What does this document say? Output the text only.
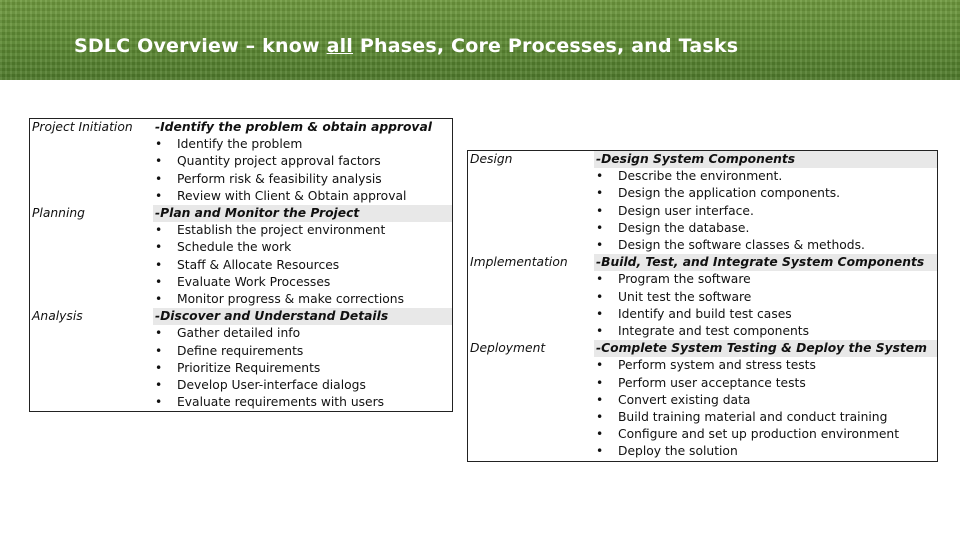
SDLC Overview – know all Phases, Core Processes, and Tasks
Project Initiation	-Identify the problem & obtain approval
	• Identify the problem
	• Quantity project approval factors
	• Perform risk & feasibility analysis
	• Review with Client & Obtain approval
Planning	-Plan and Monitor the Project
	• Establish the project environment
	• Schedule the work
	• Staff & Allocate Resources
	• Evaluate Work Processes
	• Monitor progress & make corrections
Analysis	-Discover and Understand Details
	• Gather detailed info
	• Define requirements
	• Prioritize Requirements
	• Develop User-interface dialogs
	• Evaluate requirements with users
Design	-Design System Components
	• Describe the environment.
	• Design the application components.
	• Design user interface.
	• Design the database.
	• Design the software classes & methods.
Implementation	-Build, Test, and Integrate System Components
	• Program the software
	• Unit test the software
	• Identify and build test cases
	• Integrate and test components
Deployment	-Complete System Testing & Deploy the System
	• Perform system and stress tests
	• Perform user acceptance tests
	• Convert existing data
	• Build training material and conduct training
	• Configure and set up production environment
	• Deploy the solution
